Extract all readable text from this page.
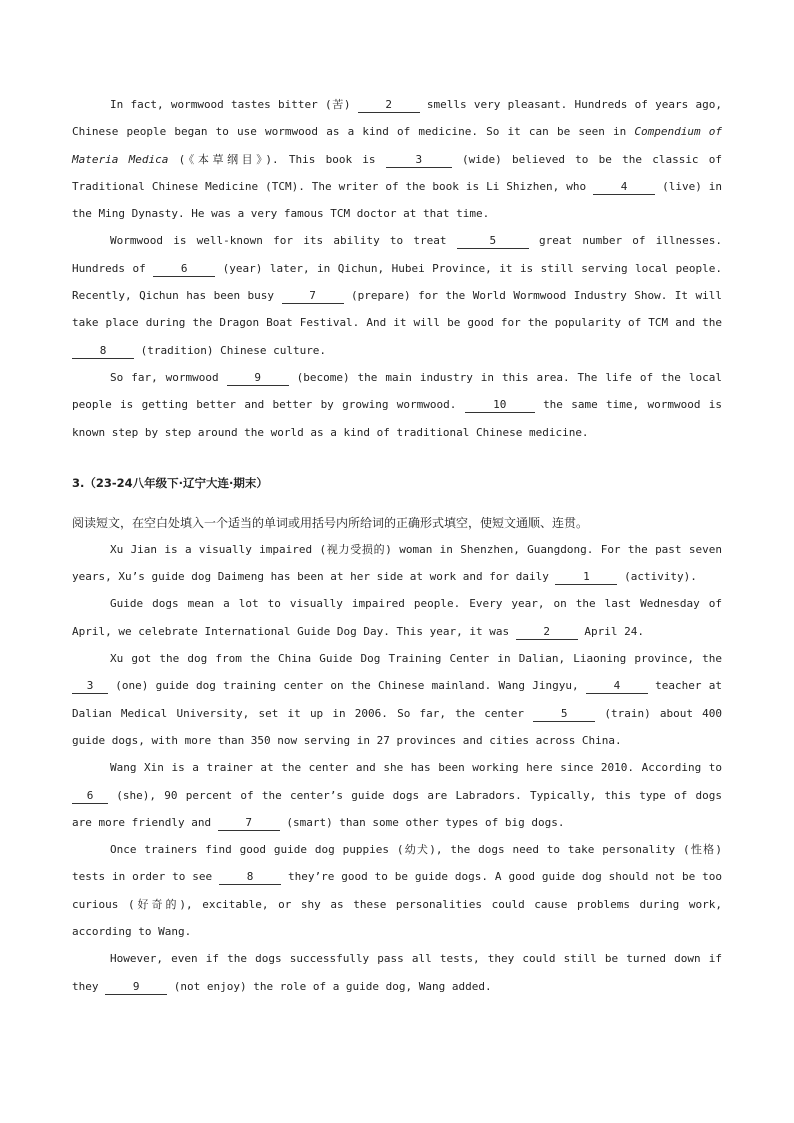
In fact, wormwood tastes bitter (苦)	2	smells very pleasant. Hundreds of years ago, Chinese people began to use wormwood as a kind of medicine. So it can be seen in Compendium of Materia Medica (《本草纲目》). This book is	3	(wide) believed to be the classic of Traditional Chinese Medicine (TCM). The writer of the book is Li Shizhen, who	4	(live) in the Ming Dynasty. He was a very famous TCM doctor at that time.

Wormwood is well-known for its ability to treat	5	great number of illnesses. Hundreds of	6	(year) later, in Qichun, Hubei Province, it is still serving local people. Recently, Qichun has been busy	7	(prepare) for the World Wormwood Industry Show. It will take place during the Dragon Boat Festival. And it will be good for the popularity of TCM and the 8	(tradition) Chinese culture.

So far, wormwood	9	(become) the main industry in this area. The life of the local people is getting better and better by growing wormwood.	10	the same time, wormwood is known step by step around the world as a kind of traditional Chinese medicine.

3.（23-24八年级下·辽宁大连·期末）

阅读短文，在空白处填入一个适当的单词或用括号内所给词的正确形式填空，使短文通顺、连贯。

Xu Jian is a visually impaired (视力受损的) woman in Shenzhen, Guangdong. For the past seven years, Xu’s guide dog Daimeng has been at her side at work and for daily	1	(activity).

Guide dogs mean a lot to visually impaired people. Every year, on the last Wednesday of April, we celebrate International Guide Dog Day. This year, it was	2	April 24.

Xu got the dog from the China Guide Dog Training Center in Dalian, Liaoning province, the 3 (one) guide dog training center on the Chinese mainland. Wang Jingyu,	4	teacher at Dalian Medical University, set it up in 2006. So far, the center	5	(train) about 400 guide dogs, with more than 350 now serving in 27 provinces and cities across China.

Wang Xin is a trainer at the center and she has been working here since 2010. According to 6 (she), 90 percent of the center’s guide dogs are Labradors. Typically, this type of dogs are more friendly and	7	(smart) than some other types of big dogs.

Once trainers find good guide dog puppies (幼犬), the dogs need to take personality (性格) tests in order to see	8	they’re good to be guide dogs. A good guide dog should not be too curious (好奇的), excitable, or shy as these personalities could cause problems during work, according to Wang.

However, even if the dogs successfully pass all tests, they could still be turned down if they	9	(not enjoy) the role of a guide dog, Wang added.
